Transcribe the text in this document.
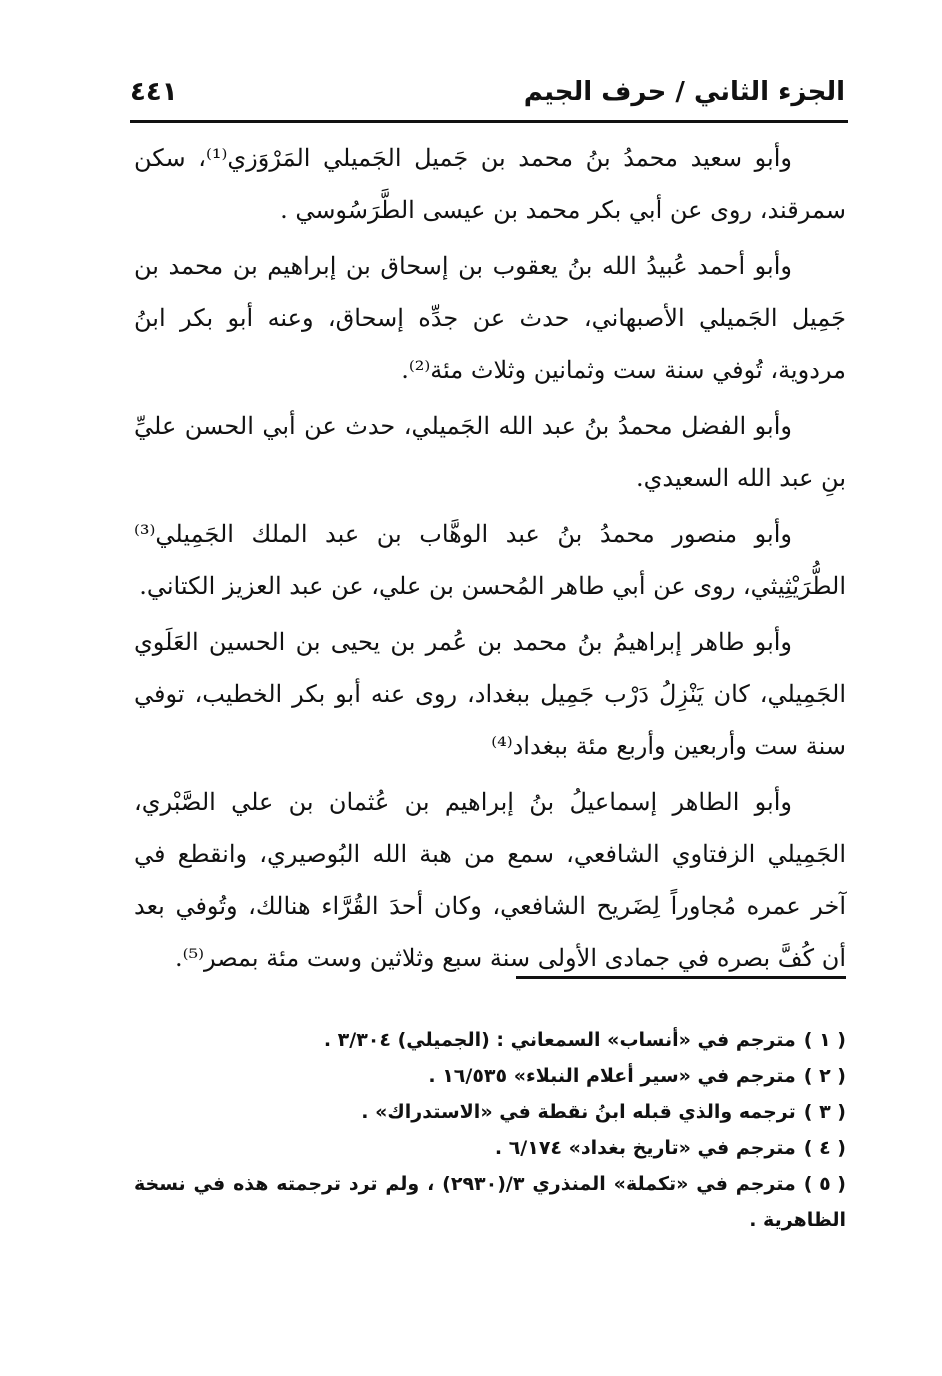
الجزء الثاني / حرف الجيم
٤٤١

وأبو سعيد محمدُ بنُ محمد بن جَميل الجَميلي المَرْوَزي⁽¹⁾، سكن سمرقند، روى عن أبي بكر محمد بن عيسى الطَّرَسُوسي .

وأبو أحمد عُبيدُ الله بنُ يعقوب بن إسحاق بن إبراهيم بن محمد بن جَمِيل الجَميلي الأصبهاني، حدث عن جدِّه إسحاق، وعنه أبو بكر ابنُ مردوية، تُوفي سنة ست وثمانين وثلاث مئة⁽²⁾.

وأبو الفضل محمدُ بنُ عبد الله الجَميلي، حدث عن أبي الحسن عليِّ بنِ عبد الله السعيدي.

وأبو منصور محمدُ بنُ عبد الوهَّاب بن عبد الملك الجَمِيلي⁽³⁾ الطُّرَيْثِيثي، روى عن أبي طاهر المُحسن بن علي، عن عبد العزيز الكتاني.

وأبو طاهر إبراهيمُ بنُ محمد بن عُمر بن يحيى بن الحسين العَلَوي الجَمِيلي، كان يَنْزِلُ دَرْب جَمِيل ببغداد، روى عنه أبو بكر الخطيب، توفي سنة ست وأربعين وأربع مئة ببغداد⁽⁴⁾

وأبو الطاهر إسماعيلُ بنُ إبراهيم بن عُثمان بن علي الصَّبْري، الجَمِيلي الزفتاوي الشافعي، سمع من هبة الله البُوصيري، وانقطع في آخر عمره مُجاوراً لِضَريح الشافعي، وكان أحدَ القُرَّاء هنالك، وتُوفي بعد أن كُفَّ بصره في جمادى الأولى سنة سبع وثلاثين وست مئة بمصر⁽⁵⁾.

( ١ )مترجم في «أنساب» السمعاني : (الجميلي) ٣/٣٠٤ .

( ٢ )مترجم في «سير أعلام النبلاء» ١٦/٥٣٥ .

( ٣ )ترجمه والذي قبله ابنُ نقطة في «الاستدراك» .

( ٤ )مترجم في «تاريخ بغداد» ٦/١٧٤ .

( ٥ )مترجم في «تكملة» المنذري ٣/(٢٩٣٠) ، ولم ترد ترجمته هذه في نسخة الظاهرية .
